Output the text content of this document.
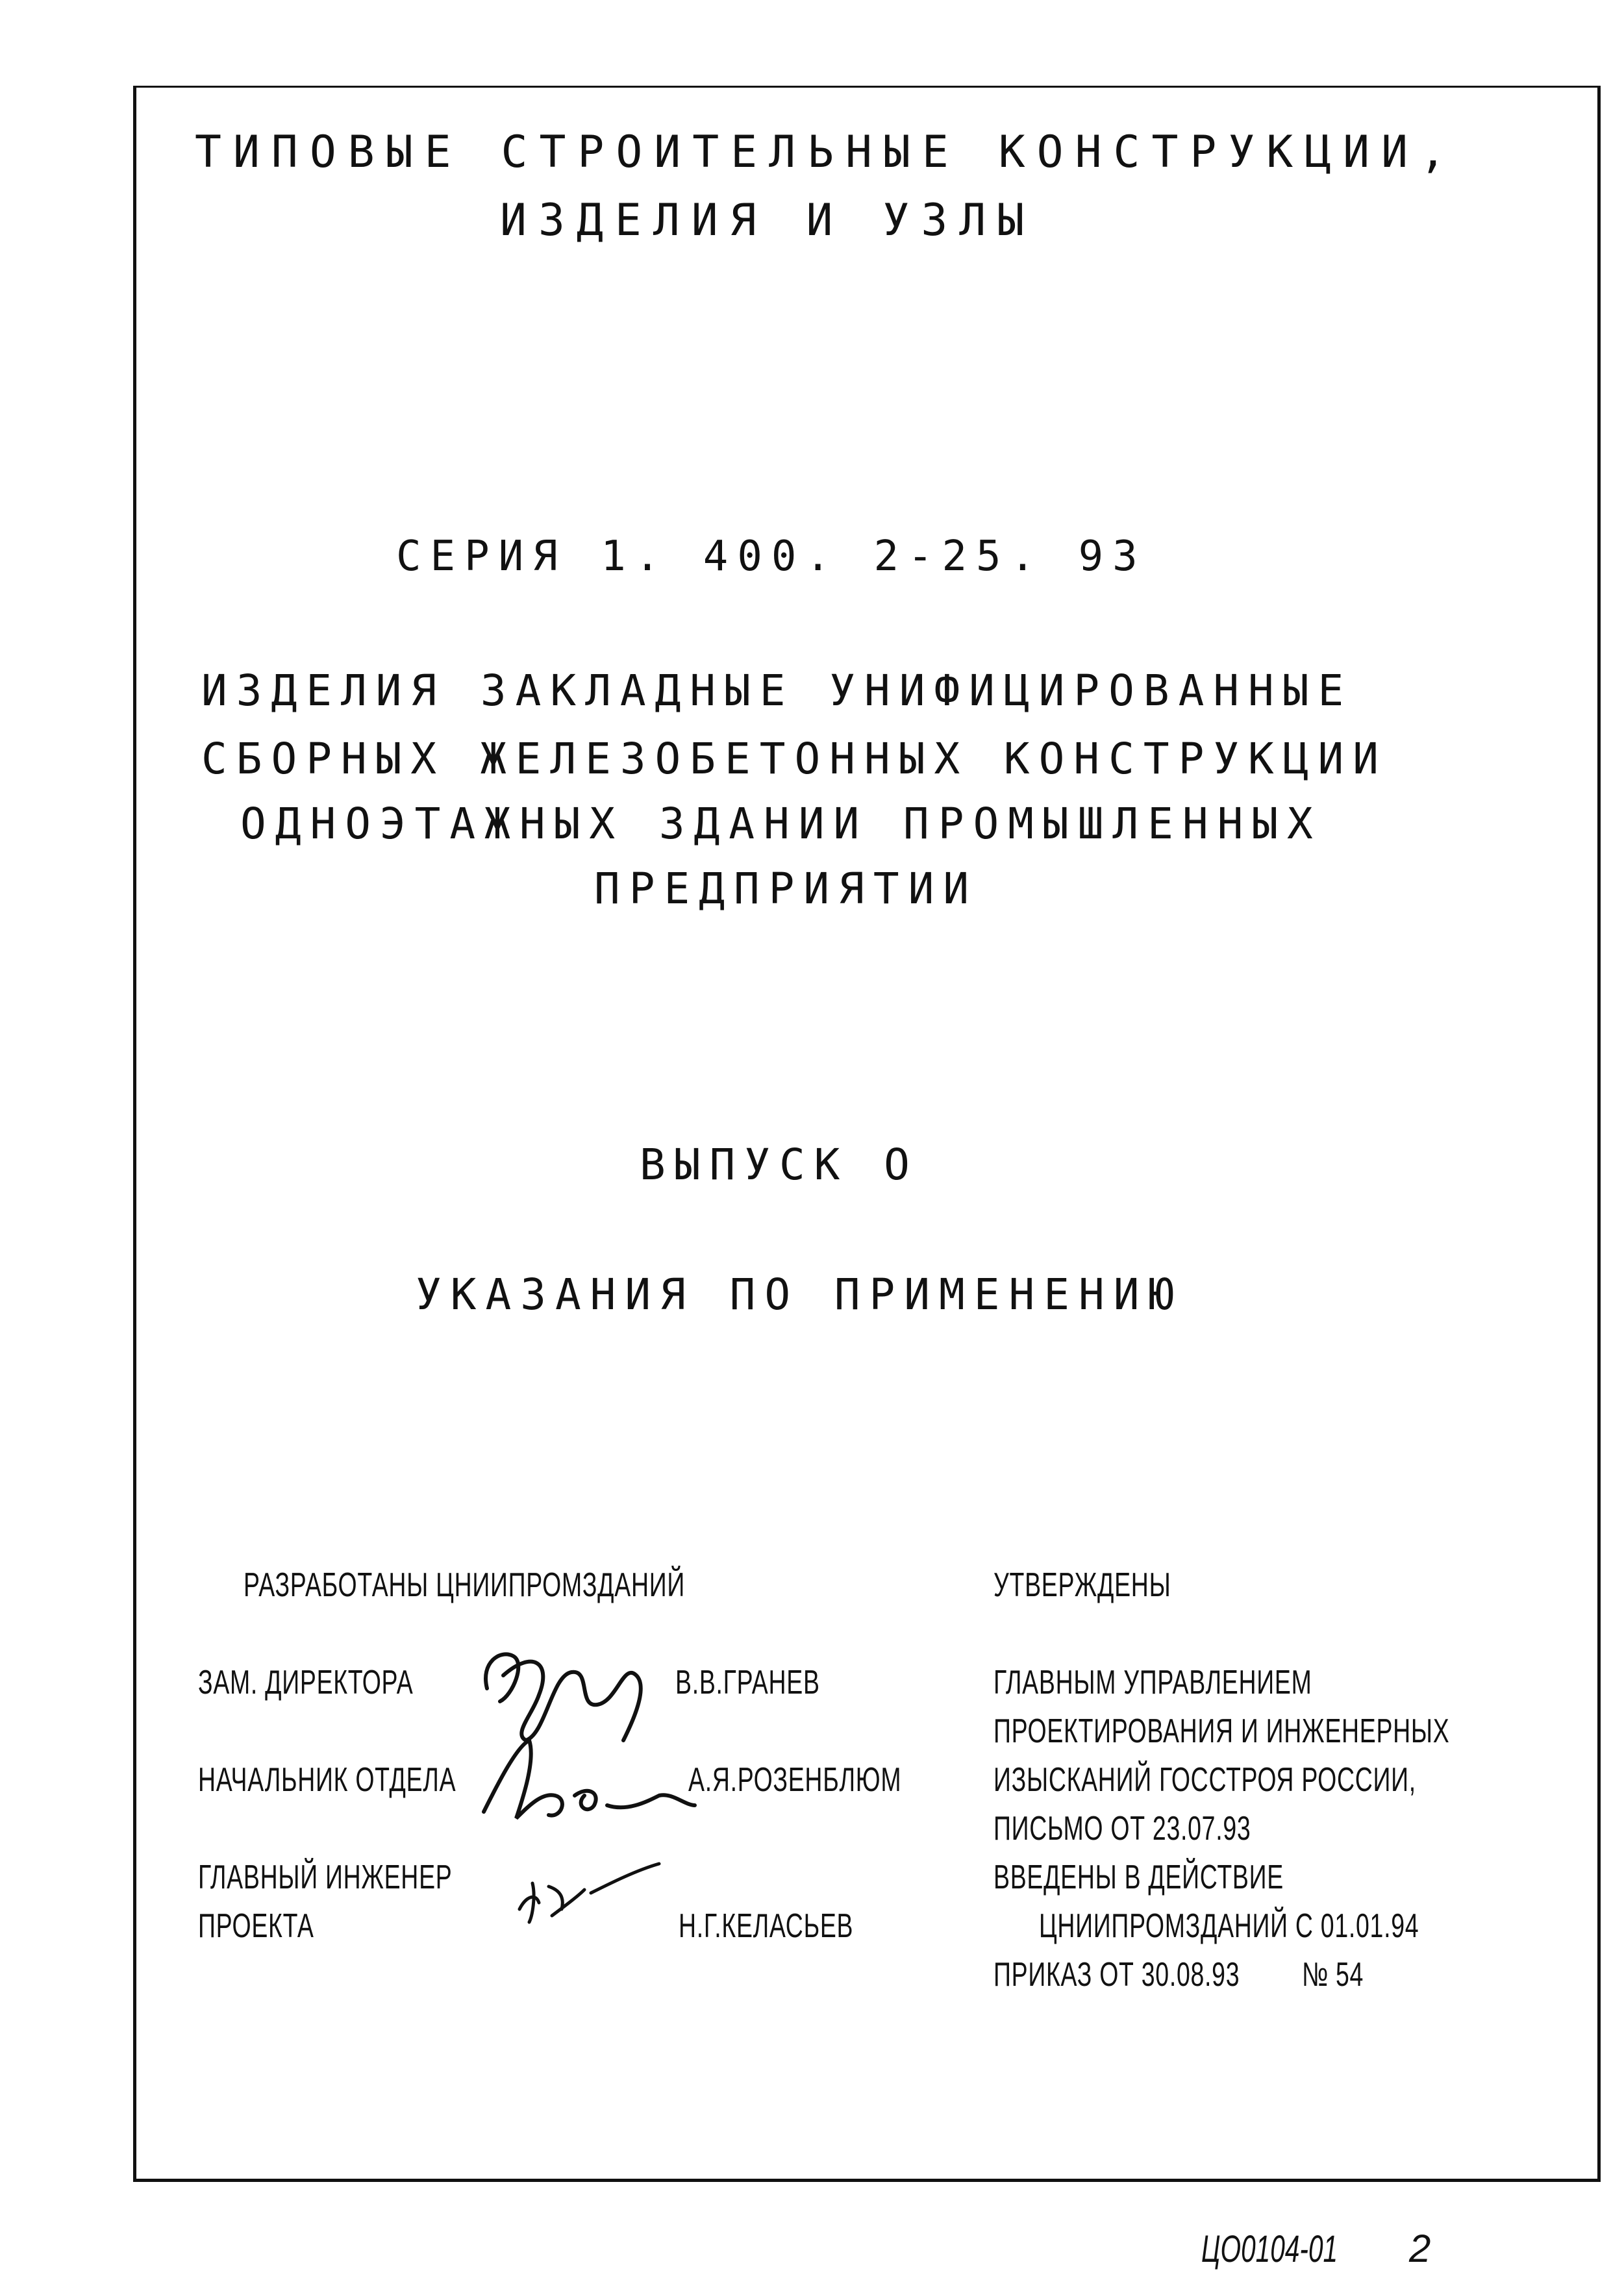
ТИПОВЫЕ СТРОИТЕЛЬНЫЕ КОНСТРУКЦИИ,
ИЗДЕЛИЯ И УЗЛЫ
СЕРИЯ 1. 400. 2-25. 93
ИЗДЕЛИЯ ЗАКЛАДНЫЕ УНИФИЦИРОВАННЫЕ
СБОРНЫХ ЖЕЛЕЗОБЕТОННЫХ КОНСТРУКЦИИ
ОДНОЭТАЖНЫХ ЗДАНИИ ПРОМЫШЛЕННЫХ
ПРЕДПРИЯТИИ
ВЫПУСК О
УКАЗАНИЯ ПО ПРИМЕНЕНИЮ
РАЗРАБОТАНЫ ЦНИИПРОМЗДАНИЙ
ЗАМ. ДИРЕКТОРА	В.В.ГРАНЕВ
НАЧАЛЬНИК ОТДЕЛА	А.Я.РОЗЕНБЛЮМ
ГЛАВНЫЙ ИНЖЕНЕР
ПРОЕКТА	Н.Г.КЕЛАСЬЕВ
УТВЕРЖДЕНЫ
ГЛАВНЫМ УПРАВЛЕНИЕМ
ПРОЕКТИРОВАНИЯ И ИНЖЕНЕРНЫХ
ИЗЫСКАНИЙ ГОССТРОЯ РОССИИ,
ПИСЬМО ОТ 23.07.93
ВВЕДЕНЫ В ДЕЙСТВИЕ
ЦНИИПРОМЗДАНИЙ С 01.01.94
ПРИКАЗ ОТ 30.08.93 № 54
ЦО0104-01 2
